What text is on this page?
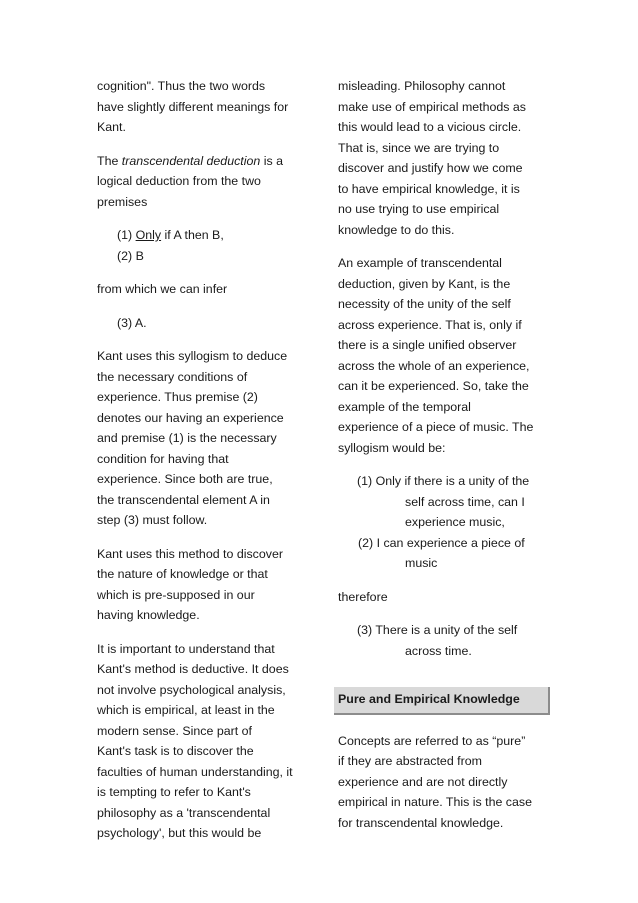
cognition". Thus the two words
have slightly different meanings for
Kant.

The transcendental deduction is a
logical deduction from the two
premises

(1) Only if A then B,
(2) B

from which we can infer

(3) A.

Kant uses this syllogism to deduce
the necessary conditions of
experience. Thus premise (2)
denotes our having an experience
and premise (1) is the necessary
condition for having that
experience. Since both are true,
the transcendental element A in
step (3) must follow.

Kant uses this method to discover
the nature of knowledge or that
which is pre-supposed in our
having knowledge.

It is important to understand that
Kant's method is deductive. It does
not involve psychological analysis,
which is empirical, at least in the
modern sense. Since part of
Kant's task is to discover the
faculties of human understanding, it
is tempting to refer to Kant's
philosophy as a 'transcendental
psychology', but this would be

misleading. Philosophy cannot
make use of empirical methods as
this would lead to a vicious circle.
That is, since we are trying to
discover and justify how we come
to have empirical knowledge, it is
no use trying to use empirical
knowledge to do this.

An example of transcendental
deduction, given by Kant, is the
necessity of the unity of the self
across experience. That is, only if
there is a single unified observer
across the whole of an experience,
can it be experienced. So, take the
example of the temporal
experience of a piece of music. The
syllogism would be:

(1) Only if there is a unity of the
self across time, can I
experience music,
(2) I can experience a piece of
music

therefore

(3) There is a unity of the self
across time.

Pure and Empirical Knowledge

Concepts are referred to as “pure”
if they are abstracted from
experience and are not directly
empirical in nature. This is the case
for transcendental knowledge.
